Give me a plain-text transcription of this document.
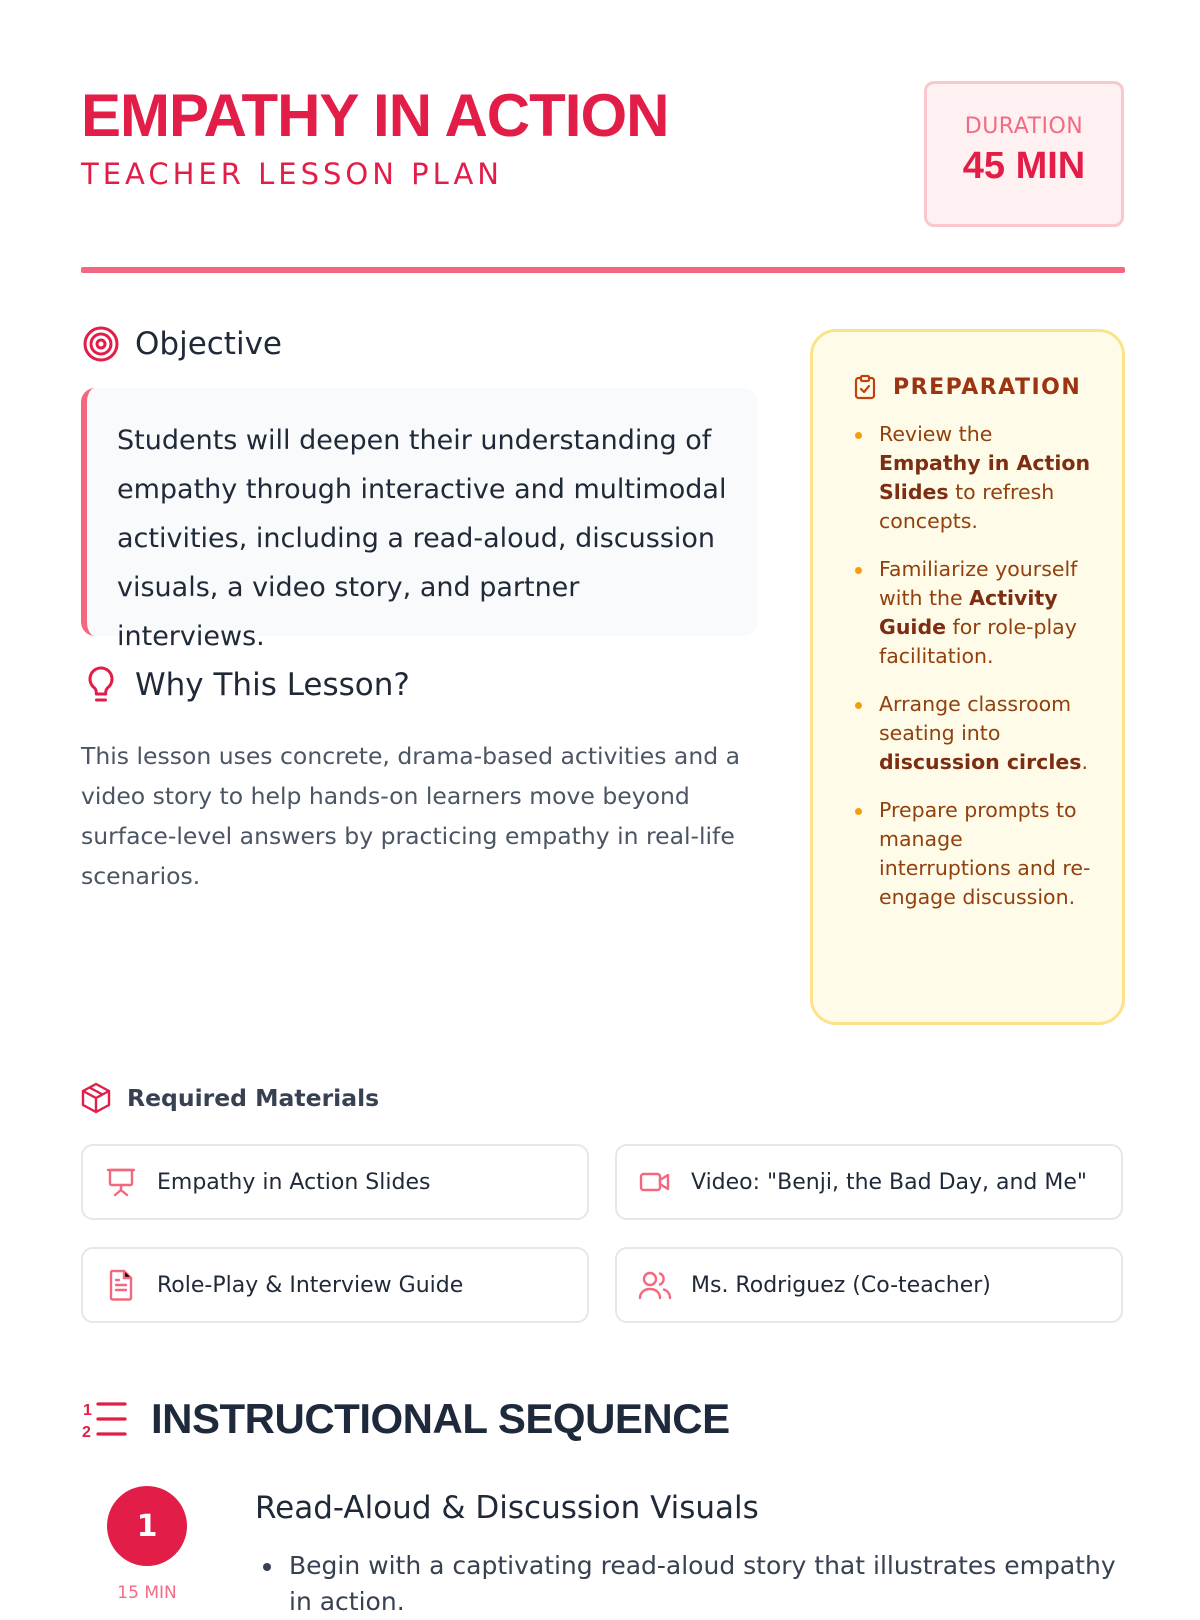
EMPATHY IN ACTION
TEACHER LESSON PLAN
DURATION
45 MIN
Objective

Students will deepen their understanding of empathy through interactive and multimodal activities, including a read-aloud, discussion visuals, a video story, and partner interviews.

Why This Lesson?

This lesson uses concrete, drama-based activities and a video story to help hands-on learners move beyond surface-level answers by practicing empathy in real-life scenarios.

PREPARATION
Review the Empathy in Action Slides to refresh concepts.
Familiarize yourself with the Activity Guide for role-play facilitation.
Arrange classroom seating into discussion circles.
Prepare prompts to manage interruptions and re-engage discussion.
Required Materials
Empathy in Action Slides	Video: "Benji, the Bad Day, and Me"
Role-Play & Interview Guide	Ms. Rodriguez (Co-teacher)
1
2 INSTRUCTIONAL SEQUENCE
1
15 MIN
Read-Aloud & Discussion Visuals
Begin with a captivating read-aloud story that illustrates empathy in action.
